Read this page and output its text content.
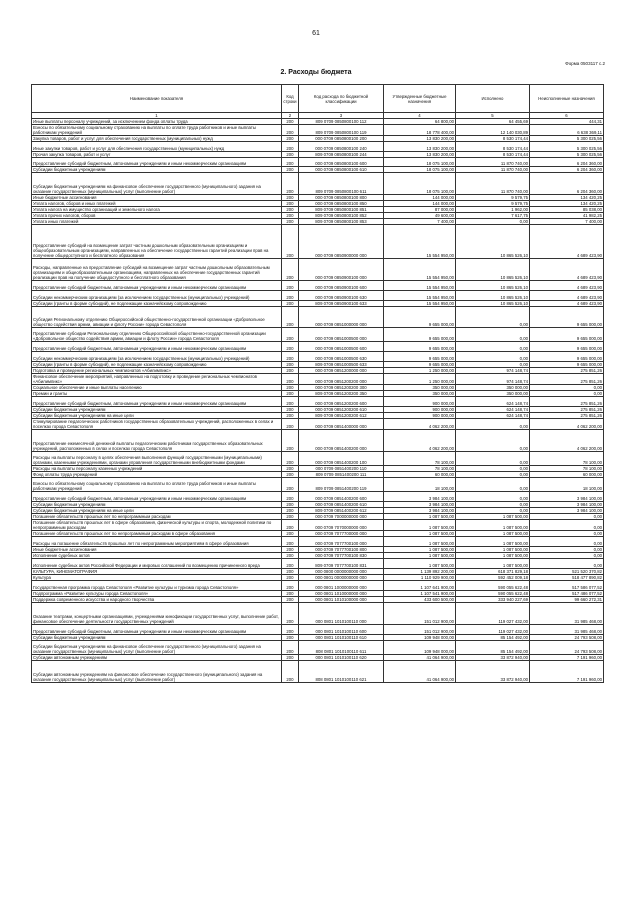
61
Форма 0503117 с.2
2. Расходы бюджета
Наименование показателя	Код строки	Код расхода по бюджетной классификации	Утвержденные бюджетные назначения	Исполнено	Неисполненные назначения
1	2	3	4	5	6
Иные выплаты персоналу учреждений, за исключением фонда оплаты труда	200	809 0709 0850800100 112	64 800,00	64 455,69	444,31
Взносы по обязательному социальному страхованию на выплаты по оплате труда работников и иные выплаты работникам учреждений	200	809 0709 0850800100 119	18 778 400,00	12 140 030,89	6 638 369,11
Закупка товаров, работ и услуг для обеспечения государственных (муниципальных) нужд	200	000 0709 0850800100 200	13 830 200,00	8 530 174,44	5 300 025,56
Иные закупки товаров, работ и услуг для обеспечения государственных (муниципальных) нужд	200	000 0709 0850800100 240	13 830 200,00	8 530 174,44	5 300 025,56
Прочая закупка товаров, работ и услуг	200	809 0709 0850800100 244	13 830 200,00	8 530 174,44	5 300 025,56
Предоставление субсидий бюджетным, автономным учреждениям и иным некоммерческим организациям	200	000 0709 0850800100 600	18 075 100,00	11 870 740,00	6 204 360,00
Субсидии бюджетным учреждениям	200	000 0709 0850800100 610	18 075 100,00	11 870 740,00	6 204 360,00
Субсидии бюджетным учреждениям на финансовое обеспечение государственного (муниципального) задания на оказание государственных (муниципальных) услуг (выполнение работ)	200	809 0709 0850800100 611	18 075 100,00	11 870 740,00	6 204 360,00
Иные бюджетные ассигнования	200	000 0709 0850800100 800	144 000,00	9 579,75	134 420,25
Уплата налогов, сборов и иных платежей	200	000 0709 0850800100 850	144 000,00	9 579,75	134 420,25
Уплата налога на имущество организаций и земельного налога	200	809 0709 0850800100 851	87 000,00	1 962,00	85 038,00
Уплата прочих налогов, сборов	200	809 0709 0850800100 852	49 600,00	7 617,75	41 982,25
Уплата иных платежей	200	809 0709 0850800100 853	7 400,00	0,00	7 400,00
Предоставление субсидий на возмещение затрат частным дошкольным образовательным организациям и общеобразовательным организациям, направленных на обеспечение государственных гарантий реализации прав на получение общедоступного и бесплатного образования	200	000 0709 0850900000 000	15 554 950,00	10 865 526,10	4 689 423,90
Расходы, направленные на предоставление субсидий на возмещение затрат частным дошкольным образовательным организациям и общеобразовательным организациям, направленных на обеспечение государственных гарантий реализации прав на получение общедоступного и бесплатного образования	200	000 0709 0850900100 000	15 554 950,00	10 865 526,10	4 689 423,90
Предоставление субсидий бюджетным, автономным учреждениям и иным некоммерческим организациям	200	000 0709 0850900100 600	15 554 950,00	10 865 526,10	4 689 423,90
Субсидии некоммерческим организациям (за исключением государственных (муниципальных) учреждений)	200	000 0709 0850900100 630	15 554 950,00	10 865 526,10	4 689 423,90
Субсидии (гранты в форме субсидий), не подлежащие казначейскому сопровождению	200	809 0709 0850900100 633	15 554 950,00	10 865 526,10	4 689 423,90
Субсидия Региональному отделению Общероссийской общественно-государственной организации «Добровольное общество содействия армии, авиации и флоту России» города Севастополя	200	000 0709 0851000000 000	9 655 000,00	0,00	9 655 000,00
Предоставление субсидии Региональному отделению Общероссийской общественно-государственной организации «Добровольное общество содействия армии, авиации и флоту России» города Севастополя	200	000 0709 0851000500 000	9 655 000,00	0,00	9 655 000,00
Предоставление субсидий бюджетным, автономным учреждениям и иным некоммерческим организациям	200	000 0709 0851000500 600	9 655 000,00	0,00	9 655 000,00
Субсидии некоммерческим организациям (за исключением государственных (муниципальных) учреждений)	200	000 0709 0851000500 630	9 655 000,00	0,00	9 655 000,00
Субсидии (гранты в форме субсидий), не подлежащие казначейскому сопровождению	200	809 0709 0851000500 633	9 655 000,00	0,00	9 655 000,00
Подготовка и проведение региональных чемпионатов «Абилимпикс»	200	000 0709 0851200000 000	1 250 000,00	974 148,74	275 851,26
Финансовое обеспечение мероприятий, направленных на подготовку и проведение региональных чемпионатов «Абилимпикс»	200	000 0709 0851200200 000	1 250 000,00	974 148,74	275 851,26
Социальное обеспечение и иные выплаты населению	200	000 0709 0851200200 300	350 000,00	350 000,00	0,00
Премии и гранты	200	809 0709 0851200200 350	350 000,00	350 000,00	0,00
Предоставление субсидий бюджетным, автономным учреждениям и иным некоммерческим организациям	200	000 0709 0851200200 600	900 000,00	624 148,74	275 851,26
Субсидии бюджетным учреждениям	200	000 0709 0851200200 610	900 000,00	624 148,74	275 851,26
Субсидии бюджетным учреждениям на иные цели	200	809 0709 0851200200 612	900 000,00	624 148,74	275 851,26
Стимулирование педагогических работников государственных образовательных учреждений, расположенных в селах и поселках города Севастополя	200	000 0709 0851400000 000	4 062 200,00	0,00	4 062 200,00
Предоставление ежемесячной денежной выплаты педагогическим работникам государственных образовательных учреждений, расположенных в селах и поселках города Севастополя	200	000 0709 0851400200 000	4 062 200,00	0,00	4 062 200,00
Расходы на выплаты персоналу в целях обеспечения выполнения функций государственными (муниципальными) органами, казенными учреждениями, органами управления государственными внебюджетными фондами	200	000 0709 0851400200 100	78 100,00	0,00	78 100,00
Расходы на выплаты персоналу казенных учреждений	200	000 0709 0851400200 110	78 100,00	0,00	78 100,00
Фонд оплаты труда учреждений	200	809 0709 0851400200 111	60 000,00	0,00	60 000,00
Взносы по обязательному социальному страхованию на выплаты по оплате труда работников и иные выплаты работникам учреждений	200	809 0709 0851400200 119	18 100,00	0,00	18 100,00
Предоставление субсидий бюджетным, автономным учреждениям и иным некоммерческим организациям	200	000 0709 0851400200 600	3 984 100,00	0,00	3 984 100,00
Субсидии бюджетным учреждениям	200	000 0709 0851400200 610	3 984 100,00	0,00	3 984 100,00
Субсидии бюджетным учреждениям на иные цели	200	809 0709 0851400200 612	3 984 100,00	0,00	3 984 100,00
Погашение обязательств прошлых лет по непрограммным расходам	200	000 0709 7000000000 000	1 087 500,00	1 087 500,00	0,00
Погашение обязательств прошлых лет в сфере образования, физической культуры и спорта, молодежной политики по непрограммным расходам	200	000 0709 7070000000 000	1 087 500,00	1 087 500,00	0,00
Погашение обязательств прошлых лет по непрограммным расходам в сфере образования	200	000 0709 7077700000 000	1 087 500,00	1 087 500,00	0,00
Расходы на погашение обязательств прошлых лет по непрограммным мероприятиям в сфере образования	200	000 0709 7077700100 000	1 087 500,00	1 087 500,00	0,00
Иные бюджетные ассигнования	200	000 0709 7077700100 800	1 087 500,00	1 087 500,00	0,00
Исполнение судебных актов	200	000 0709 7077700100 830	1 087 500,00	1 087 500,00	0,00
Исполнение судебных актов Российской Федерации и мировых соглашений по возмещению причиненного вреда	200	809 0709 7077700100 831	1 087 500,00	1 087 500,00	0,00
КУЛЬТУРА, КИНЕМАТОГРАФИЯ	200	000 0800 0000000000 000	1 139 892 200,00	618 371 829,18	521 520 370,82
Культура	200	000 0801 0000000000 000	1 110 929 900,00	592 452 009,18	518 477 890,82
Государственная программа города Севастополя «Развитие культуры и туризма города Севастополя»	200	000 0801 1000000000 000	1 107 641 900,00	590 055 622,48	517 586 077,52
Подпрограмма «Развитие культуры города Севастополя»	200	000 0801 1010000000 000	1 107 541 900,00	590 055 622,48	517 486 077,52
Поддержка современного искусства и народного творчества	200	000 0801 1010100000 000	433 600 500,00	333 940 227,69	99 660 272,31
Оказание театрами, концертными организациями, учреждениями кинофикации государственных услуг, выполнение работ, финансовое обеспечение деятельности государственных учреждений	200	000 0801 1010100110 000	151 012 900,00	119 027 432,00	31 985 468,00
Предоставление субсидий бюджетным, автономным учреждениям и иным некоммерческим организациям	200	000 0801 1010100110 600	151 012 900,00	119 027 432,00	31 985 468,00
Субсидии бюджетным учреждениям	200	000 0801 1010100110 610	109 948 000,00	85 154 492,00	24 793 508,00
Субсидии бюджетным учреждениям на финансовое обеспечение государственного (муниципального) задания на оказание государственных (муниципальных) услуг (выполнение работ)	200	808 0801 1010100110 611	109 948 000,00	85 154 492,00	24 793 508,00
Субсидии автономным учреждениям	200	000 0801 1010100110 620	41 064 900,00	33 872 940,00	7 191 960,00
Субсидии автономным учреждениям на финансовое обеспечение государственного (муниципального) задания на оказание государственных (муниципальных) услуг (выполнение работ)	200	808 0801 1010100110 621	41 064 900,00	33 872 940,00	7 191 960,00
